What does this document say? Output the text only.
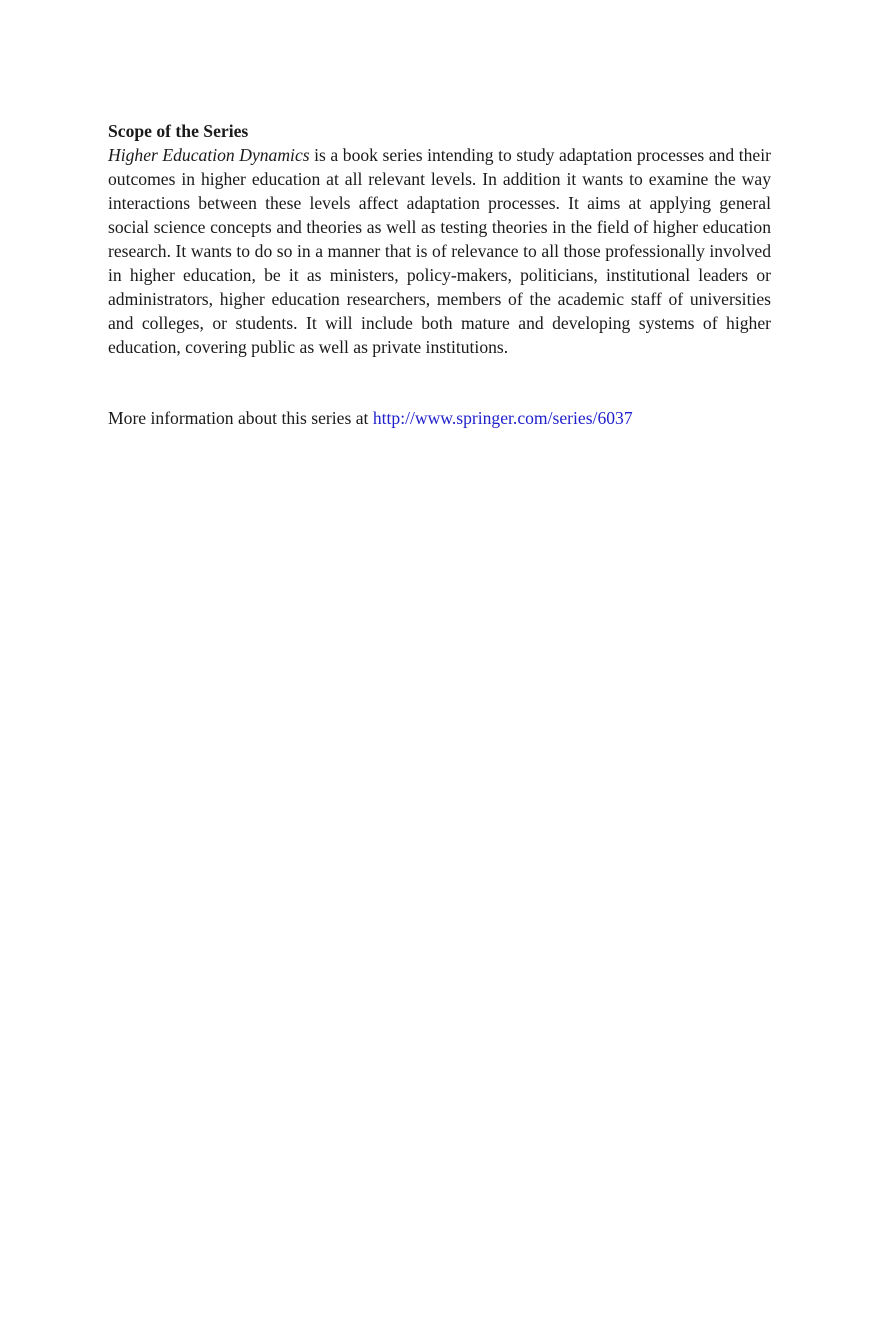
Scope of the Series

Higher Education Dynamics is a book series intending to study adaptation processes and their outcomes in higher education at all relevant levels. In addition it wants to examine the way interactions between these levels affect adaptation processes. It aims at applying general social science concepts and theories as well as testing theories in the field of higher education research. It wants to do so in a manner that is of relevance to all those professionally involved in higher education, be it as ministers, policy-makers, politicians, institutional leaders or administrators, higher education researchers, members of the academic staff of universities and colleges, or students. It will include both mature and developing systems of higher education, covering public as well as private institutions.

More information about this series at http://www.springer.com/series/6037
